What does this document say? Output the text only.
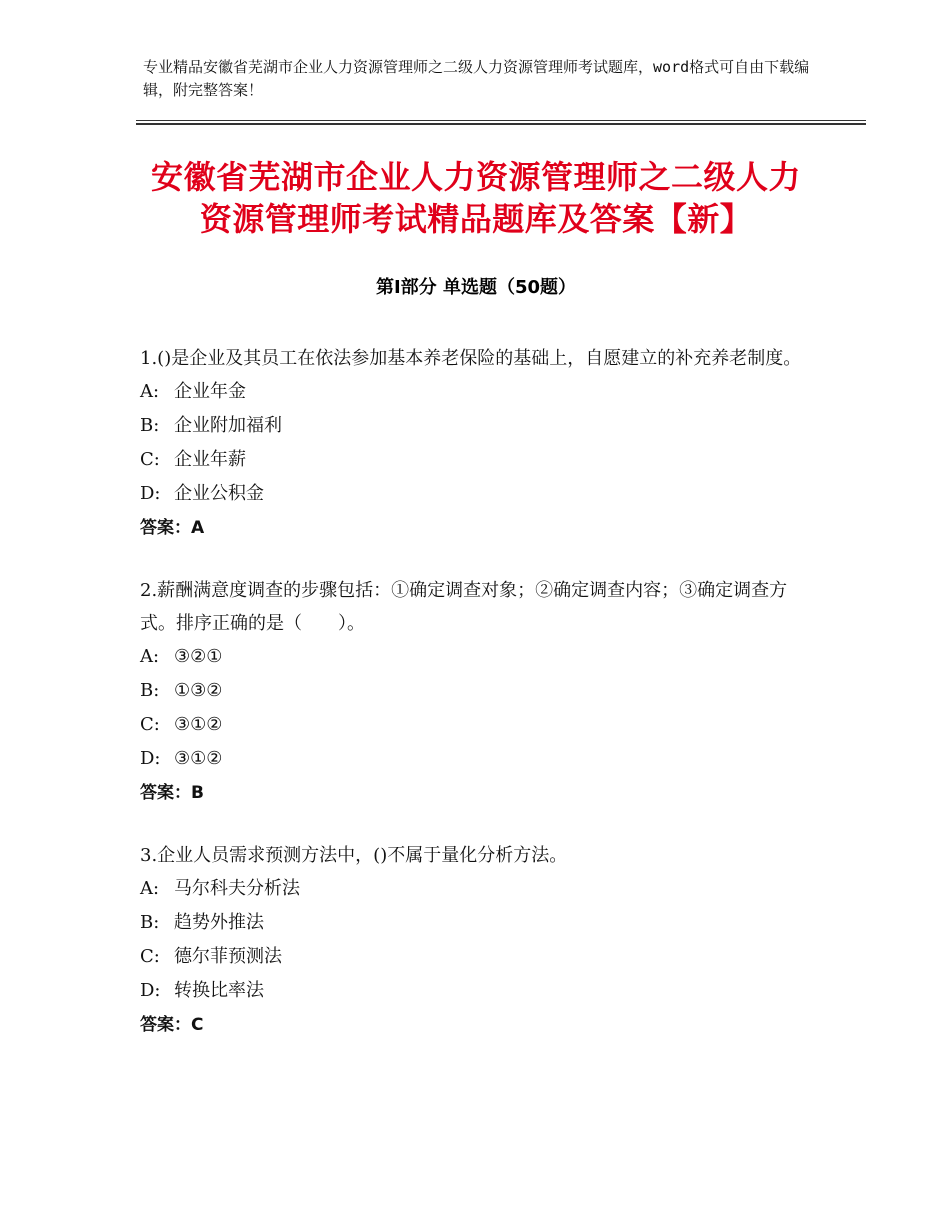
专业精品安徽省芜湖市企业人力资源管理师之二级人力资源管理师考试题库，word格式可自由下载编辑，附完整答案！

安徽省芜湖市企业人力资源管理师之二级人力资源管理师考试精品题库及答案【新】
第Ⅰ部分 单选题（50题）

1.()是企业及其员工在依法参加基本养老保险的基础上，自愿建立的补充养老制度。

A: 企业年金
B: 企业附加福利
C: 企业年薪
D: 企业公积金
答案：A

2.薪酬满意度调查的步骤包括：①确定调查对象；②确定调查内容；③确定调查方式。排序正确的是（　　）。

A: ③②①
B: ①③②
C: ③①②
D: ③①②
答案：B

3.企业人员需求预测方法中，()不属于量化分析方法。

A: 马尔科夫分析法
B: 趋势外推法
C: 德尔菲预测法
D: 转换比率法
答案：C
